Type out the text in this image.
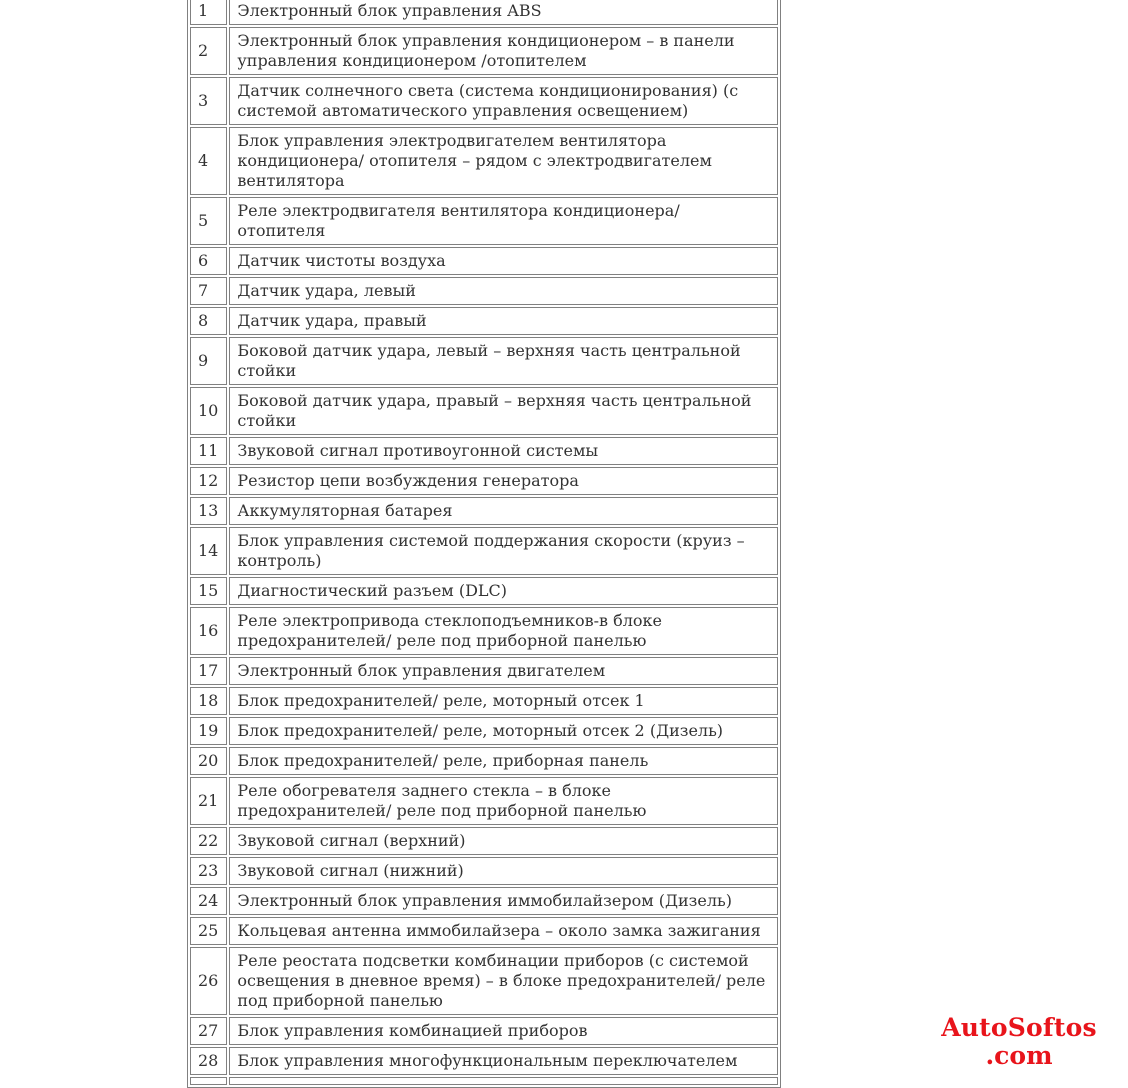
1	Электронный блок управления ABS
2	Электронный блок управления кондиционером – в панели управления кондиционером /отопителем
3	Датчик солнечного света (система кондиционирования) (с системой автоматического управления освещением)
4	Блок управления электродвигателем вентилятора кондиционера/ отопителя – рядом с электродвигателем вентилятора
5	Реле электродвигателя вентилятора кондиционера/ отопителя
6	Датчик чистоты воздуха
7	Датчик удара, левый
8	Датчик удара, правый
9	Боковой датчик удара, левый – верхняя часть центральной стойки
10	Боковой датчик удара, правый – верхняя часть центральной стойки
11	Звуковой сигнал противоугонной системы
12	Резистор цепи возбуждения генератора
13	Аккумуляторная батарея
14	Блок управления системой поддержания скорости (круиз – контроль)
15	Диагностический разъем (DLC)
16	Реле электропривода стеклоподъемников-в блоке предохранителей/ реле под приборной панелью
17	Электронный блок управления двигателем
18	Блок предохранителей/ реле, моторный отсек 1
19	Блок предохранителей/ реле, моторный отсек 2 (Дизель)
20	Блок предохранителей/ реле, приборная панель
21	Реле обогревателя заднего стекла – в блоке предохранителей/ реле под приборной панелью
22	Звуковой сигнал (верхний)
23	Звуковой сигнал (нижний)
24	Электронный блок управления иммобилайзером (Дизель)
25	Кольцевая антенна иммобилайзера – около замка зажигания
26	Реле реостата подсветки комбинации приборов (с системой освещения в дневное время) – в блоке предохранителей/ реле под приборной панелью
27	Блок управления комбинацией приборов
28	Блок управления многофункциональным переключателем

AutoSoftos
.com
